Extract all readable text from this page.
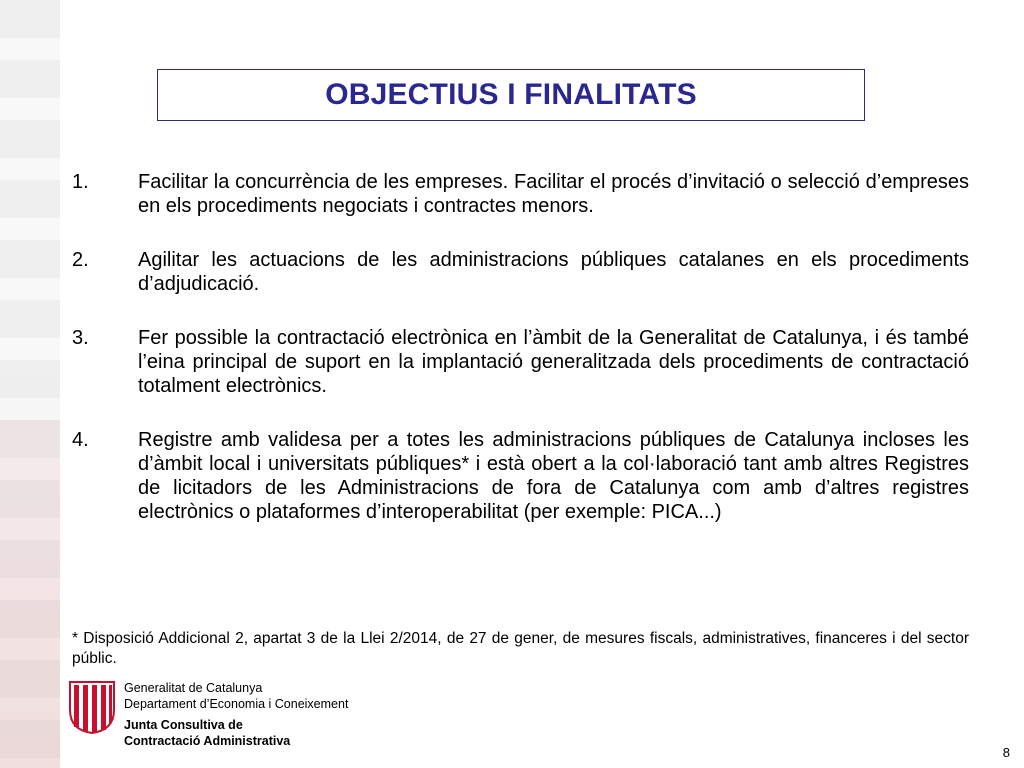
OBJECTIUS I FINALITATS
1.	Facilitar la concurrència de les empreses. Facilitar el procés d’invitació o selecció d’empreses en els procediments negociats i contractes menors.
2.	Agilitar les actuacions de les administracions públiques catalanes en els procediments d’adjudicació.
3.	Fer possible la contractació electrònica en l’àmbit de la Generalitat de Catalunya, i és també l’eina principal de suport en la implantació generalitzada dels procediments de contractació totalment electrònics.
4.	Registre amb validesa per a totes les administracions públiques de Catalunya incloses les d’àmbit local i universitats públiques* i està obert a la col·laboració tant amb altres Registres de licitadors de les Administracions de fora de Catalunya com amb d’altres registres electrònics o plataformes d’interoperabilitat (per exemple: PICA...)
* Disposició Addicional 2, apartat 3 de la Llei 2/2014, de 27 de gener, de mesures fiscals, administratives, financeres i del sector públic.
Generalitat de Catalunya
Departament d’Economia i Coneixement
Junta Consultiva de
Contractació Administrativa
8
